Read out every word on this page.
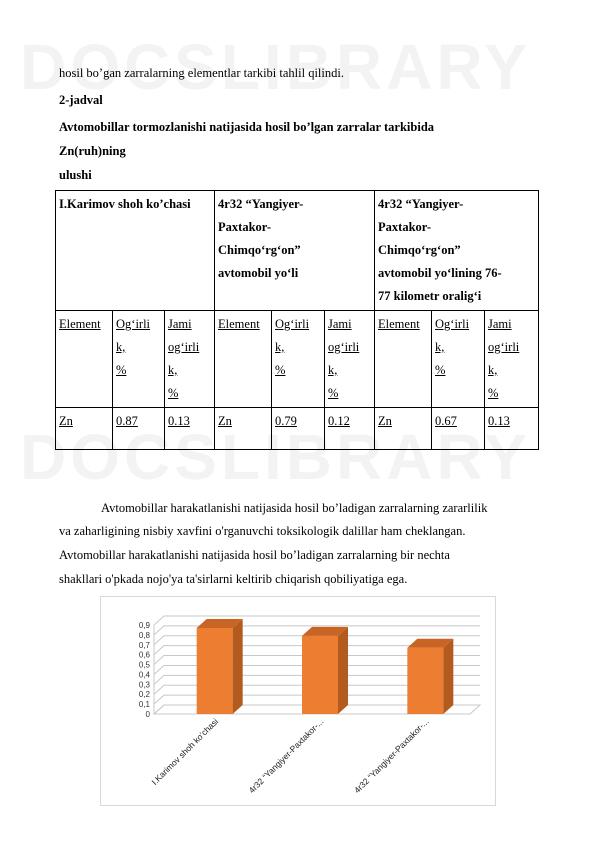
hosil bo’gan zarralarning elementlar tarkibi tahlil qilindi.
2-jadval
Avtomobillar tormozlanishi natijasida hosil bo’lgan zarralar tarkibida
Zn(ruh)ning
ulushi
I.Karimov shoh ko’chasi			4r32 “Yangiyer-
Paxtakor-
Chimqo‘rg‘on”
avtomobil yo‘li			4r32 “Yangiyer-
Paxtakor-
Chimqo‘rg‘on”
avtomobil yo‘lining 76-
77 kilometr oralig‘i		

Element	Og‘irli
k,
%	Jami
og‘irli
k,
%	Element	Og‘irli
k,
%	Jami
og‘irli
k,
%	Element	Og‘irli
k,
%	Jami
og‘irli
k,
%

Zn	0.87	0.13	Zn	0.79	0.12	Zn	0.67	0.13
Avtomobillar harakatlanishi natijasida hosil bo’ladigan zarralarning zararlilik
va zaharligining nisbiy xavfini o'rganuvchi toksikologik dalillar ham cheklangan.
Avtomobillar harakatlanishi natijasida hosil bo’ladigan zarralarning bir nechta
shakllari o'pkada nojo'ya ta'sirlarni keltirib chiqarish qobiliyatiga ega.
0
0,1
0,2
0,3
0,4
0,5
0,6
0,7
0,8
0,9
I.Karimov shoh ko’chasi	4r32 “Yangiyer-Paxtakor-...	4r32 “Yangiyer-Paxtakor-...
